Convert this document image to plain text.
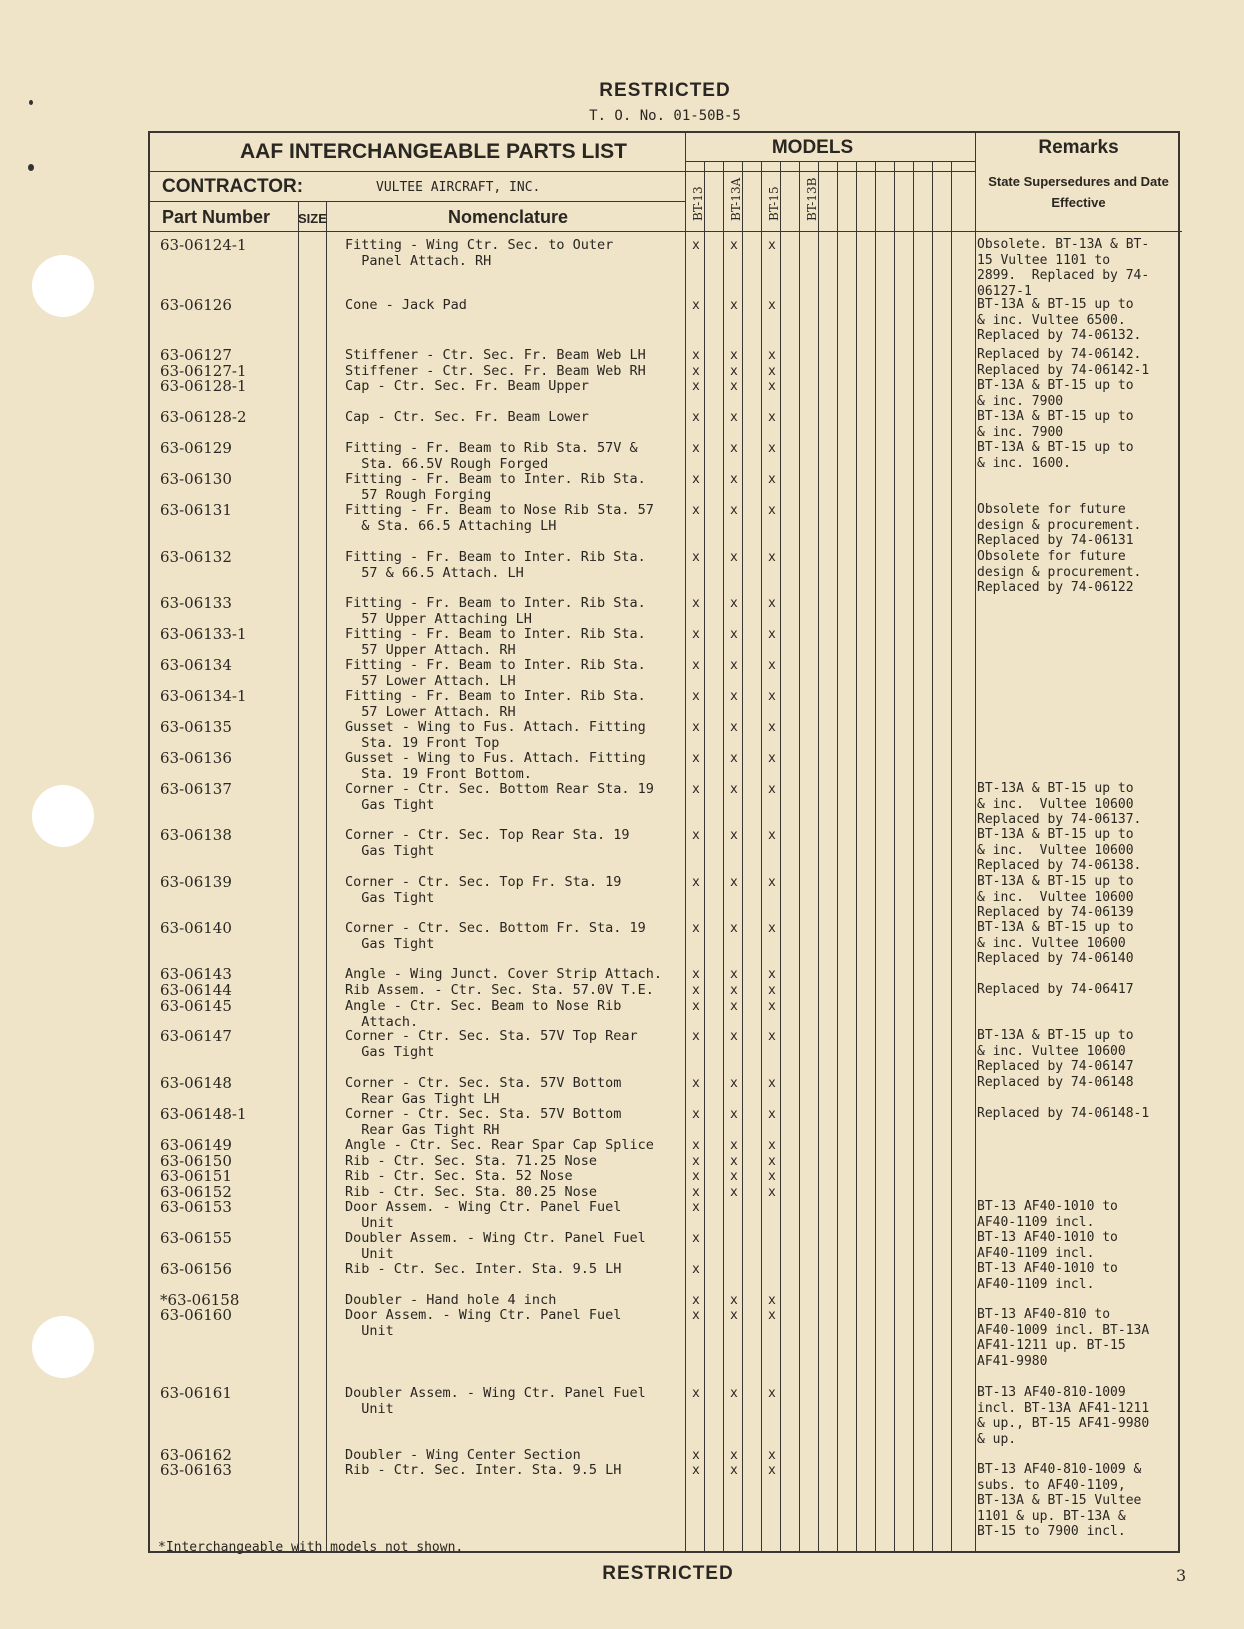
RESTRICTED
T. O. No. 01-50B-5
AAF INTERCHANGEABLE PARTS LIST	MODELS	Remarks
State Supersedures and Date Effective
CONTRACTOR:	VULTEE AIRCRAFT, INC.
Part Number SIZE	Nomenclature	BT-13 BT-13A BT-15 BT-13B
63-06124-1	Fitting - Wing Ctr. Sec. to Outer
Panel Attach. RH
x x x	Obsolete. BT-13A & BT-
15 Vultee 1101 to
2899.  Replaced by 74-
06127-1
63-06126	Cone - Jack Pad	x x x	BT-13A & BT-15 up to
& inc. Vultee 6500.
Replaced by 74-06132.
63-06127	Stiffener - Ctr. Sec. Fr. Beam Web LH	x x x	Replaced by 74-06142.
63-06127-1	Stiffener - Ctr. Sec. Fr. Beam Web RH	x x x	Replaced by 74-06142-1
63-06128-1	Cap - Ctr. Sec. Fr. Beam Upper	x x x	BT-13A & BT-15 up to
& inc. 7900
63-06128-2	Cap - Ctr. Sec. Fr. Beam Lower	x x x	BT-13A & BT-15 up to
& inc. 7900
63-06129	Fitting - Fr. Beam to Rib Sta. 57V &
Sta. 66.5V Rough Forged
x x x	BT-13A & BT-15 up to
& inc. 1600.
63-06130	Fitting - Fr. Beam to Inter. Rib Sta.
57 Rough Forging
x x x
63-06131	Fitting - Fr. Beam to Nose Rib Sta. 57
& Sta. 66.5 Attaching LH
x x x	Obsolete for future
design & procurement.
Replaced by 74-06131
63-06132	Fitting - Fr. Beam to Inter. Rib Sta.
57 & 66.5 Attach. LH
x x x	Obsolete for future
design & procurement.
Replaced by 74-06122
63-06133	Fitting - Fr. Beam to Inter. Rib Sta.
57 Upper Attaching LH
x x x
63-06133-1	Fitting - Fr. Beam to Inter. Rib Sta.
57 Upper Attach. RH
x x x
63-06134	Fitting - Fr. Beam to Inter. Rib Sta.
57 Lower Attach. LH
x x x
63-06134-1	Fitting - Fr. Beam to Inter. Rib Sta.
57 Lower Attach. RH
x x x
63-06135	Gusset - Wing to Fus. Attach. Fitting
Sta. 19 Front Top
x x x
63-06136	Gusset - Wing to Fus. Attach. Fitting
Sta. 19 Front Bottom.
x x x
63-06137	Corner - Ctr. Sec. Bottom Rear Sta. 19
Gas Tight
x x x	BT-13A & BT-15 up to
& inc.  Vultee 10600
Replaced by 74-06137.
63-06138	Corner - Ctr. Sec. Top Rear Sta. 19
Gas Tight
x x x	BT-13A & BT-15 up to
& inc.  Vultee 10600
Replaced by 74-06138.
63-06139	Corner - Ctr. Sec. Top Fr. Sta. 19
Gas Tight
x x x	BT-13A & BT-15 up to
& inc.  Vultee 10600
Replaced by 74-06139
63-06140	Corner - Ctr. Sec. Bottom Fr. Sta. 19
Gas Tight
x x x	BT-13A & BT-15 up to
& inc. Vultee 10600
Replaced by 74-06140
63-06143	Angle - Wing Junct. Cover Strip Attach.	x x x
63-06144	Rib Assem. - Ctr. Sec. Sta. 57.0V T.E.	x x x	Replaced by 74-06417
63-06145	Angle - Ctr. Sec. Beam to Nose Rib
Attach.
x x x
63-06147	Corner - Ctr. Sec. Sta. 57V Top Rear
Gas Tight
x x x	BT-13A & BT-15 up to
& inc. Vultee 10600
Replaced by 74-06147
63-06148	Corner - Ctr. Sec. Sta. 57V Bottom
Rear Gas Tight LH
x x x	Replaced by 74-06148
63-06148-1	Corner - Ctr. Sec. Sta. 57V Bottom
Rear Gas Tight RH
x x x	Replaced by 74-06148-1
63-06149	Angle - Ctr. Sec. Rear Spar Cap Splice	x x x
63-06150	Rib - Ctr. Sec. Sta. 71.25 Nose	x x x
63-06151	Rib - Ctr. Sec. Sta. 52 Nose	x x x
63-06152	Rib - Ctr. Sec. Sta. 80.25 Nose	x x x
63-06153	Door Assem. - Wing Ctr. Panel Fuel
Unit
x	BT-13 AF40-1010 to
AF40-1109 incl.
63-06155	Doubler Assem. - Wing Ctr. Panel Fuel
Unit
x	BT-13 AF40-1010 to
AF40-1109 incl.
63-06156	Rib - Ctr. Sec. Inter. Sta. 9.5 LH	x	BT-13 AF40-1010 to
AF40-1109 incl.
*63-06158	Doubler - Hand hole 4 inch	x x x
63-06160	Door Assem. - Wing Ctr. Panel Fuel
Unit
x x x	BT-13 AF40-810 to
AF40-1009 incl. BT-13A
AF41-1211 up. BT-15
AF41-9980
63-06161	Doubler Assem. - Wing Ctr. Panel Fuel
Unit
x x x	BT-13 AF40-810-1009
incl. BT-13A AF41-1211
& up., BT-15 AF41-9980
& up.
63-06162	Doubler - Wing Center Section	x x x
63-06163	Rib - Ctr. Sec. Inter. Sta. 9.5 LH	x x x	BT-13 AF40-810-1009 &
subs. to AF40-1109,
BT-13A & BT-15 Vultee
1101 & up. BT-13A &
BT-15 to 7900 incl.
*Interchangeable with models not shown.
RESTRICTED	3
